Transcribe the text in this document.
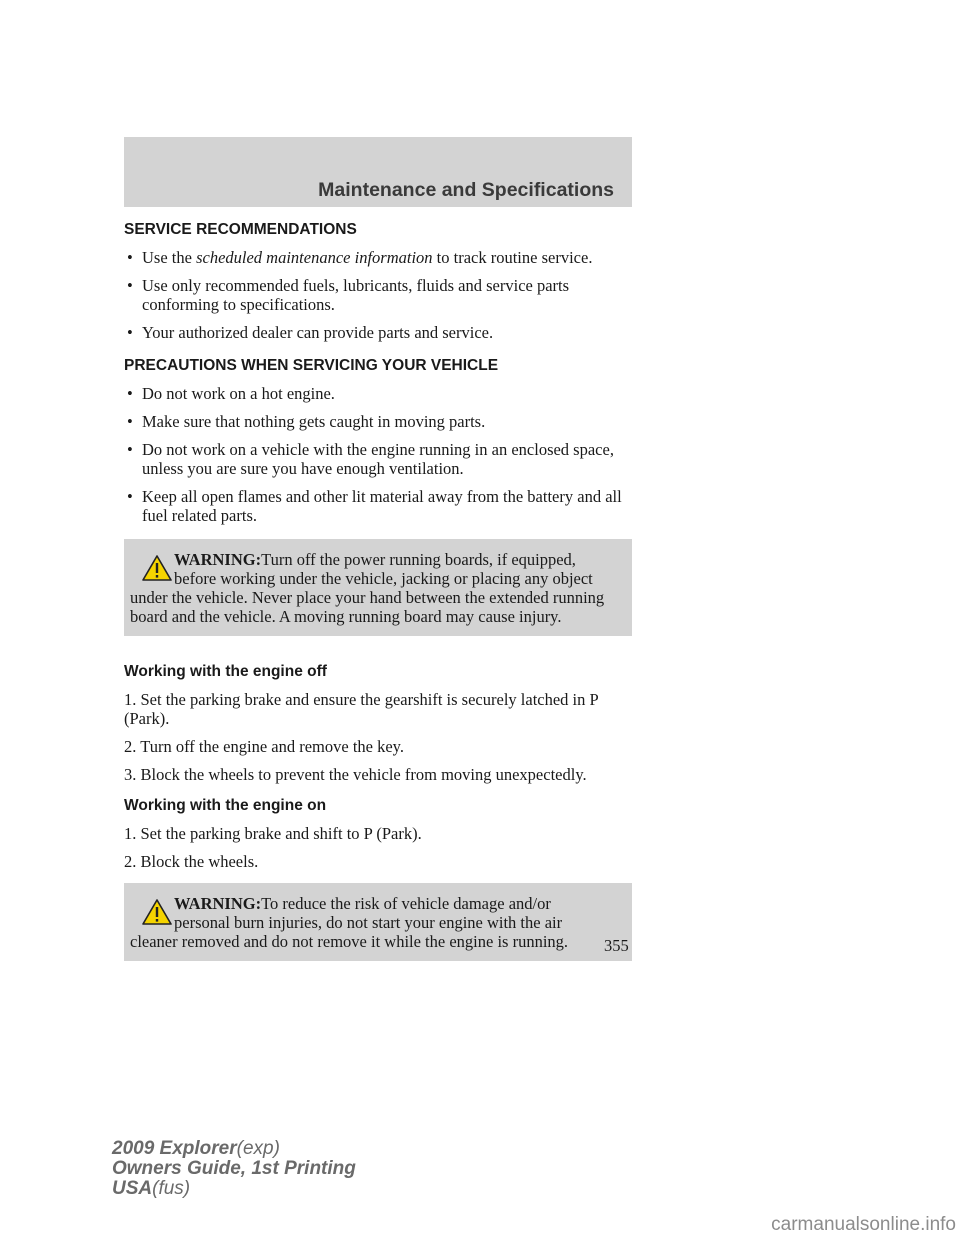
Maintenance and Specifications
SERVICE RECOMMENDATIONS
• Use the scheduled maintenance information to track routine service.
• Use only recommended fuels, lubricants, fluids and service parts conforming to specifications.
• Your authorized dealer can provide parts and service.
PRECAUTIONS WHEN SERVICING YOUR VEHICLE
• Do not work on a hot engine.
• Make sure that nothing gets caught in moving parts.
• Do not work on a vehicle with the engine running in an enclosed space, unless you are sure you have enough ventilation.
• Keep all open flames and other lit material away from the battery and all fuel related parts.

WARNING:Turn off the power running boards, if equipped,
before working under the vehicle, jacking or placing any object
under the vehicle. Never place your hand between the extended running board and the vehicle. A moving running board may cause injury.

Working with the engine off

1. Set the parking brake and ensure the gearshift is securely latched in P (Park).

2. Turn off the engine and remove the key.

3. Block the wheels to prevent the vehicle from moving unexpectedly.

Working with the engine on

1. Set the parking brake and shift to P (Park).

2. Block the wheels.

WARNING:To reduce the risk of vehicle damage and/or
personal burn injuries, do not start your engine with the air
cleaner removed and do not remove it while the engine is running.	355
2009 Explorer(exp)
Owners Guide, 1st Printing
USA(fus)
carmanualsonline.info
